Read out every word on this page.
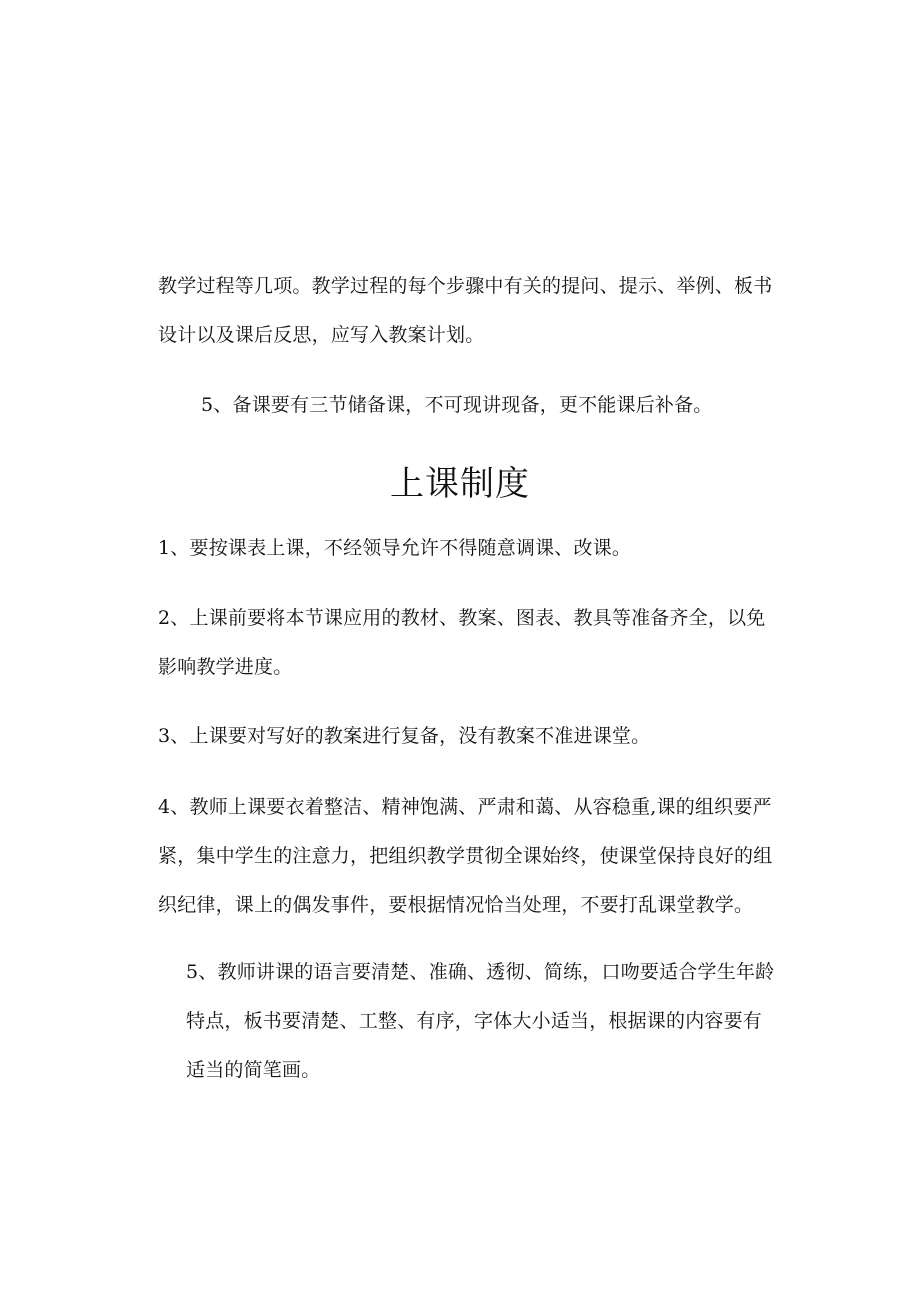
教学过程等几项。教学过程的每个步骤中有关的提问、提示、举例、板书
设计以及课后反思，应写入教案计划。
5、备课要有三节储备课，不可现讲现备，更不能课后补备。
上课制度
1、要按课表上课，不经领导允许不得随意调课、改课。
2、上课前要将本节课应用的教材、教案、图表、教具等准备齐全，以免
影响教学进度。
3、上课要对写好的教案进行复备，没有教案不准进课堂。
4、教师上课要衣着整洁、精神饱满、严肃和蔼、从容稳重,课的组织要严
紧，集中学生的注意力，把组织教学贯彻全课始终，使课堂保持良好的组
织纪律，课上的偶发事件，要根据情况恰当处理，不要打乱课堂教学。
5、教师讲课的语言要清楚、准确、透彻、简练，口吻要适合学生年龄
特点，板书要清楚、工整、有序，字体大小适当，根据课的内容要有
适当的简笔画。
